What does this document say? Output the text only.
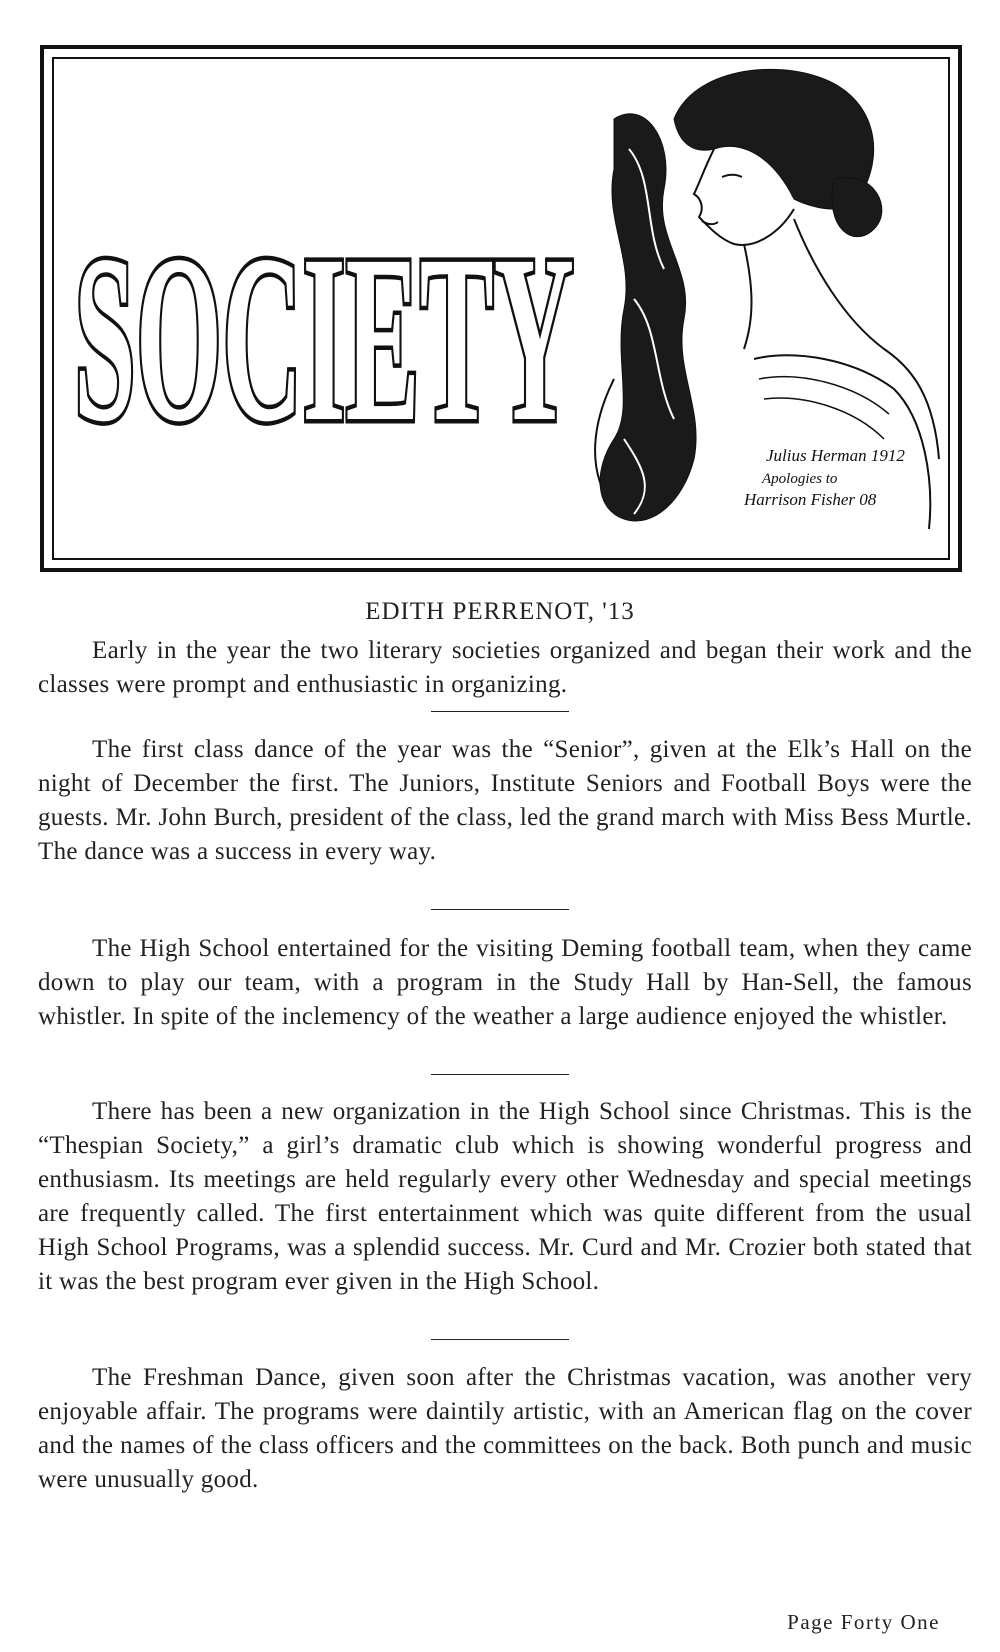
SOCIETY	Julius Herman 1912
Apologies to
Harrison Fisher 08
EDITH PERRENOT, '13

Early in the year the two literary societies organized and began their work and the classes were prompt and enthusiastic in organizing.

The first class dance of the year was the “Senior”, given at the Elk’s Hall on the night of December the first. The Juniors, Institute Seniors and Football Boys were the guests. Mr. John Burch, president of the class, led the grand march with Miss Bess Murtle. The dance was a success in every way.

The High School entertained for the visiting Deming football team, when they came down to play our team, with a program in the Study Hall by Han-Sell, the famous whistler. In spite of the inclemency of the weather a large audience enjoyed the whistler.

There has been a new organization in the High School since Christmas. This is the “Thespian Society,” a girl’s dramatic club which is showing wonderful progress and enthusiasm. Its meetings are held regularly every other Wednesday and special meetings are frequently called. The first entertainment which was quite different from the usual High School Programs, was a splendid success. Mr. Curd and Mr. Crozier both stated that it was the best program ever given in the High School.

The Freshman Dance, given soon after the Christmas vacation, was another very enjoyable affair. The programs were daintily artistic, with an American flag on the cover and the names of the class officers and the committees on the back. Both punch and music were unusually good.

Page Forty One
